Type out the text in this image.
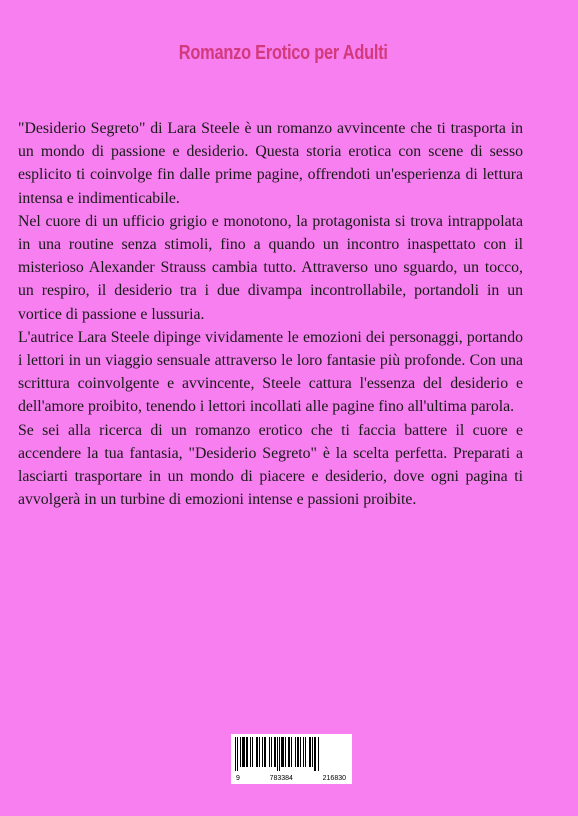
Romanzo Erotico per Adulti

"Desiderio Segreto" di Lara Steele è un romanzo avvincente che ti trasporta in un mondo di passione e desiderio. Questa storia erotica con scene di sesso esplicito ti coinvolge fin dalle prime pagine, offrendoti un'esperienza di lettura intensa e indimenticabile.

Nel cuore di un ufficio grigio e monotono, la protagonista si trova intrappolata in una routine senza stimoli, fino a quando un incontro inaspettato con il misterioso Alexander Strauss cambia tutto. Attraverso uno sguardo, un tocco, un respiro, il desiderio tra i due divampa incontrollabile, portandoli in un vortice di passione e lussuria.

L'autrice Lara Steele dipinge vividamente le emozioni dei personaggi, portando i lettori in un viaggio sensuale attraverso le loro fantasie più profonde. Con una scrittura coinvolgente e avvincente, Steele cattura l'essenza del desiderio e dell'amore proibito, tenendo i lettori incollati alle pagine fino all'ultima parola.

Se sei alla ricerca di un romanzo erotico che ti faccia battere il cuore e accendere la tua fantasia, "Desiderio Segreto" è la scelta perfetta. Preparati a lasciarti trasportare in un mondo di piacere e desiderio, dove ogni pagina ti avvolgerà in un turbine di emozioni intense e passioni proibite.

9	783384	216830
